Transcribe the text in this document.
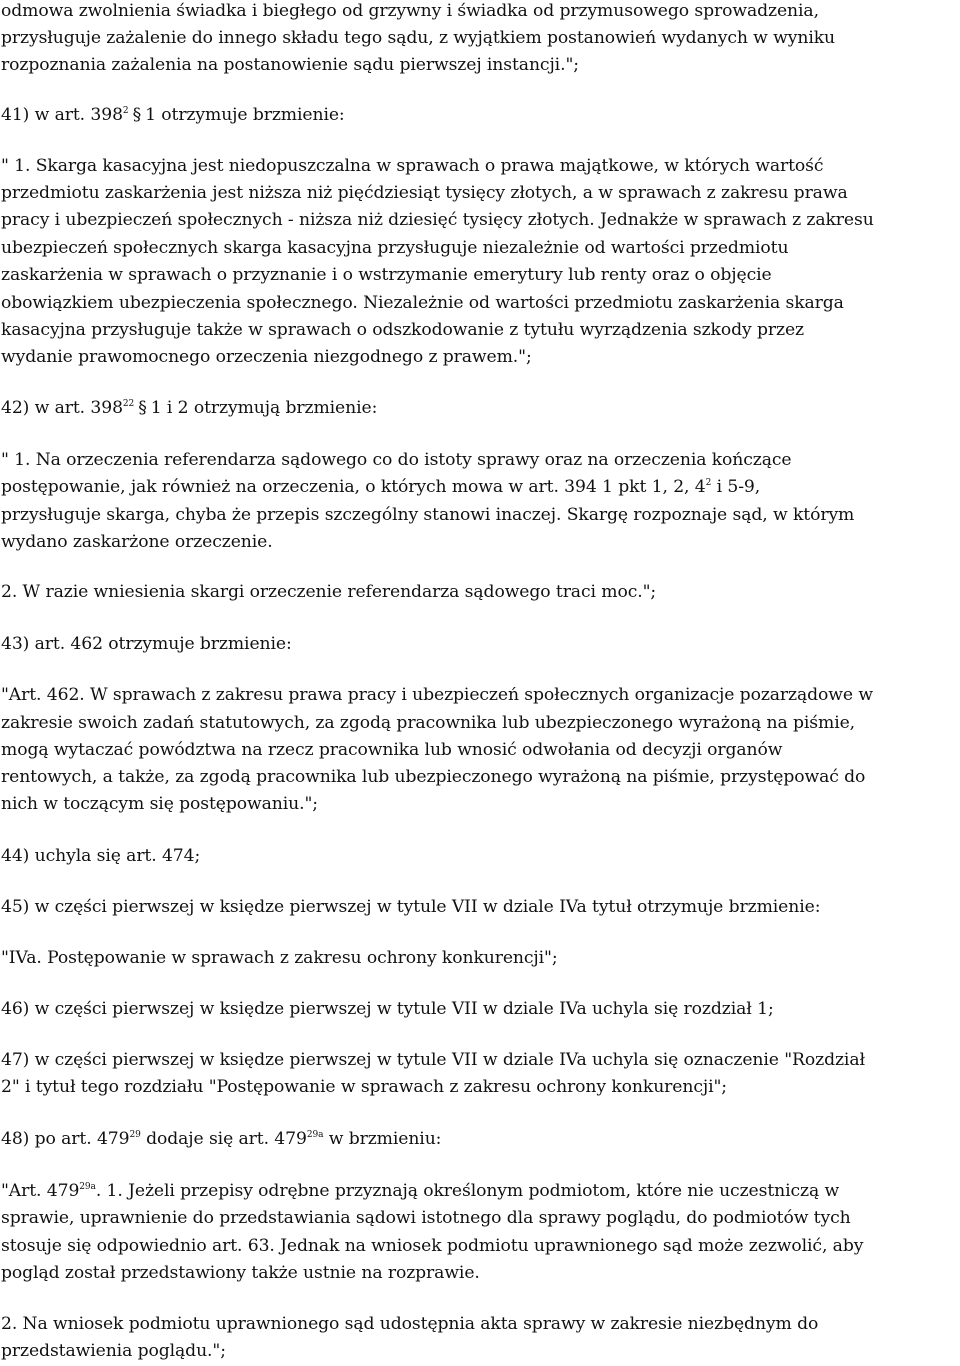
odmowa zwolnienia świadka i biegłego od grzywny i świadka od przymusowego sprowadzenia,

przysługuje zażalenie do innego składu tego sądu, z wyjątkiem postanowień wydanych w wyniku

rozpoznania zażalenia na postanowienie sądu pierwszej instancji.";

41) w art. $398^2$ § 1 otrzymuje brzmienie:

" 1. Skarga kasacyjna jest niedopuszczalna w sprawach o prawa majątkowe, w których wartość

przedmiotu zaskarżenia jest niższa niż pięćdziesiąt tysięcy złotych, a w sprawach z zakresu prawa

pracy i ubezpieczeń społecznych - niższa niż dziesięć tysięcy złotych. Jednakże w sprawach z zakresu

ubezpieczeń społecznych skarga kasacyjna przysługuje niezależnie od wartości przedmiotu

zaskarżenia w sprawach o przyznanie i o wstrzymanie emerytury lub renty oraz o objęcie

obowiązkiem ubezpieczenia społecznego. Niezależnie od wartości przedmiotu zaskarżenia skarga

kasacyjna przysługuje także w sprawach o odszkodowanie z tytułu wyrządzenia szkody przez

wydanie prawomocnego orzeczenia niezgodnego z prawem.";

42) w art. $398^{22}$ § 1 i 2 otrzymują brzmienie:

" 1. Na orzeczenia referendarza sądowego co do istoty sprawy oraz na orzeczenia kończące

postępowanie, jak również na orzeczenia, o których mowa w art. 394 1 pkt 1, 2, $4^2$ i 5-9,

przysługuje skarga, chyba że przepis szczególny stanowi inaczej. Skargę rozpoznaje sąd, w którym

wydano zaskarżone orzeczenie.

2. W razie wniesienia skargi orzeczenie referendarza sądowego traci moc.";

43) art. 462 otrzymuje brzmienie:

"Art. 462. W sprawach z zakresu prawa pracy i ubezpieczeń społecznych organizacje pozarządowe w

zakresie swoich zadań statutowych, za zgodą pracownika lub ubezpieczonego wyrażoną na piśmie,

mogą wytaczać powództwa na rzecz pracownika lub wnosić odwołania od decyzji organów

rentowych, a także, za zgodą pracownika lub ubezpieczonego wyrażoną na piśmie, przystępować do

nich w toczącym się postępowaniu.";

44) uchyla się art. 474;

45) w części pierwszej w księdze pierwszej w tytule VII w dziale IVa tytuł otrzymuje brzmienie:

"IVa. Postępowanie w sprawach z zakresu ochrony konkurencji";

46) w części pierwszej w księdze pierwszej w tytule VII w dziale IVa uchyla się rozdział 1;

47) w części pierwszej w księdze pierwszej w tytule VII w dziale IVa uchyla się oznaczenie "Rozdział

2" i tytuł tego rozdziału "Postępowanie w sprawach z zakresu ochrony konkurencji";

48) po art. $479^{29}$ dodaje się art. $479^{29a}$ w brzmieniu:

"Art. $479^{29a}$. 1. Jeżeli przepisy odrębne przyznają określonym podmiotom, które nie uczestniczą w

sprawie, uprawnienie do przedstawiania sądowi istotnego dla sprawy poglądu, do podmiotów tych

stosuje się odpowiednio art. 63. Jednak na wniosek podmiotu uprawnionego sąd może zezwolić, aby

pogląd został przedstawiony także ustnie na rozprawie.

2. Na wniosek podmiotu uprawnionego sąd udostępnia akta sprawy w zakresie niezbędnym do

przedstawienia poglądu.";
